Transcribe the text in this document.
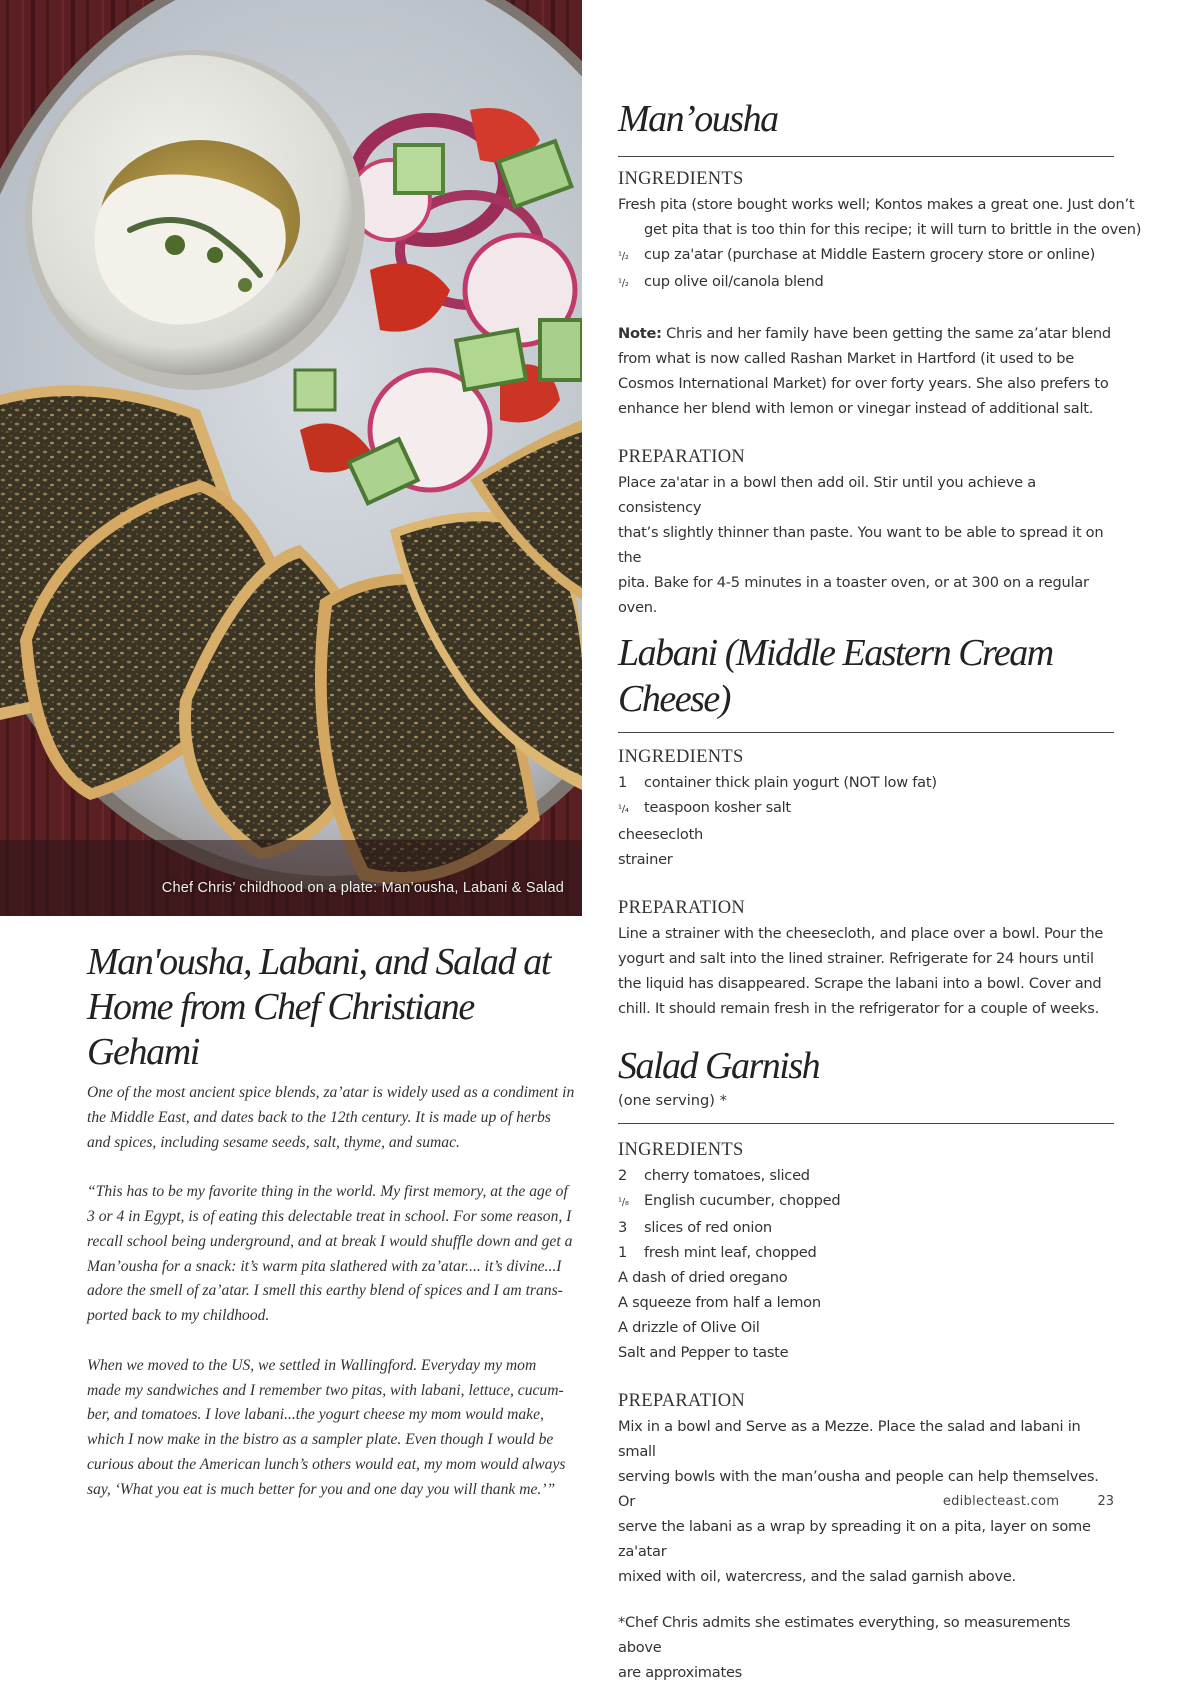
Chef Chris’ childhood on a plate: Man’ousha, Labani & Salad
Man'ousha, Labani, and Salad at
Home from Chef Christiane Gehami

One of the most ancient spice blends, za’atar is widely used as a condiment in
the Middle East, and dates back to the 12th century. It is made up of herbs
and spices, including sesame seeds, salt, thyme, and sumac.

“This has to be my favorite thing in the world. My first memory, at the age of
3 or 4 in Egypt, is of eating this delectable treat in school. For some reason, I
recall school being underground, and at break I would shuffle down and get a
Man’ousha for a snack: it’s warm pita slathered with za’atar.... it’s divine...I
adore the smell of za’atar. I smell this earthy blend of spices and I am trans-
ported back to my childhood.

When we moved to the US, we settled in Wallingford. Everyday my mom
made my sandwiches and I remember two pitas, with labani, lettuce, cucum-
ber, and tomatoes. I love labani...the yogurt cheese my mom would make,
which I now make in the bistro as a sampler plate. Even though I would be
curious about the American lunch’s others would eat, my mom would always
say, ‘What you eat is much better for you and one day you will thank me.’”

Man’ousha
INGREDIENTS
Fresh pita (store bought works well; Kontos makes a great one. Just don’t
get pita that is too thin for this recipe; it will turn to brittle in the oven)
¹/₂ cup za'atar (purchase at Middle Eastern grocery store or online)
¹/₂ cup olive oil/canola blend

Note: Chris and her family have been getting the same za’atar blend
from what is now called Rashan Market in Hartford (it used to be
Cosmos International Market) for over forty years. She also prefers to
enhance her blend with lemon or vinegar instead of additional salt.

PREPARATION

Place za'atar in a bowl then add oil. Stir until you achieve a consistency
that’s slightly thinner than paste. You want to be able to spread it on the
pita. Bake for 4-5 minutes in a toaster oven, or at 300 on a regular oven.

Labani (Middle Eastern Cream Cheese)
INGREDIENTS
1 container thick plain yogurt (NOT low fat)
¹/₄ teaspoon kosher salt
cheesecloth
strainer
PREPARATION

Line a strainer with the cheesecloth, and place over a bowl. Pour the
yogurt and salt into the lined strainer. Refrigerate for 24 hours until
the liquid has disappeared. Scrape the labani into a bowl. Cover and
chill. It should remain fresh in the refrigerator for a couple of weeks.

Salad Garnish
(one serving) *
INGREDIENTS
2 cherry tomatoes, sliced
¹/₈ English cucumber, chopped
3 slices of red onion
1 fresh mint leaf, chopped
A dash of dried oregano
A squeeze from half a lemon
A drizzle of Olive Oil
Salt and Pepper to taste
PREPARATION

Mix in a bowl and Serve as a Mezze. Place the salad and labani in small
serving bowls with the man’ousha and people can help themselves. Or
serve the labani as a wrap by spreading it on a pita, layer on some za'atar
mixed with oil, watercress, and the salad garnish above.

*Chef Chris admits she estimates everything, so measurements above
are approximates

ediblecteast.com	23
